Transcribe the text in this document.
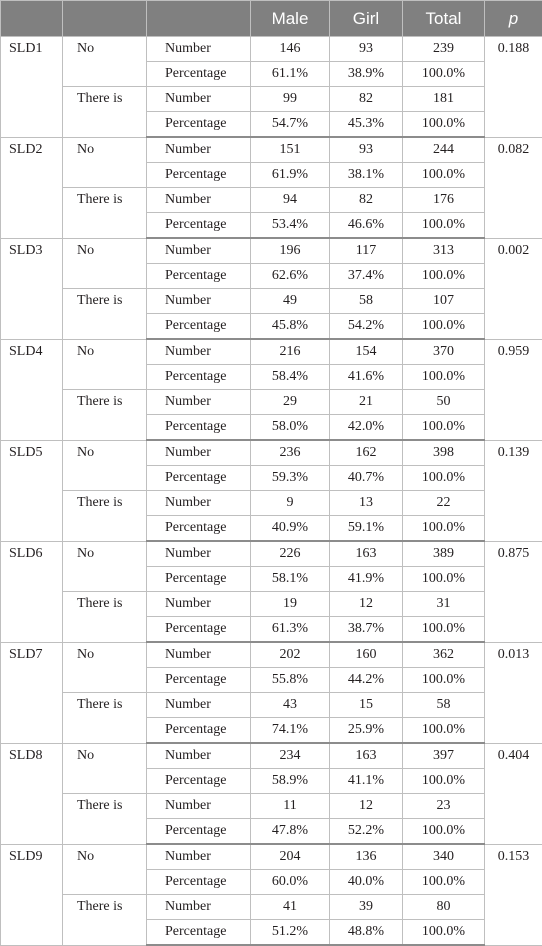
			Male	Girl	Total	p
SLD1	No	Number	146	93	239	0.188
		Percentage	61.1%	38.9%	100.0%	
	There is	Number	99	82	181	
		Percentage	54.7%	45.3%	100.0%	
SLD2	No	Number	151	93	244	0.082
		Percentage	61.9%	38.1%	100.0%	
	There is	Number	94	82	176	
		Percentage	53.4%	46.6%	100.0%	
SLD3	No	Number	196	117	313	0.002
		Percentage	62.6%	37.4%	100.0%	
	There is	Number	49	58	107	
		Percentage	45.8%	54.2%	100.0%	
SLD4	No	Number	216	154	370	0.959
		Percentage	58.4%	41.6%	100.0%	
	There is	Number	29	21	50	
		Percentage	58.0%	42.0%	100.0%	
SLD5	No	Number	236	162	398	0.139
		Percentage	59.3%	40.7%	100.0%	
	There is	Number	9	13	22	
		Percentage	40.9%	59.1%	100.0%	
SLD6	No	Number	226	163	389	0.875
		Percentage	58.1%	41.9%	100.0%	
	There is	Number	19	12	31	
		Percentage	61.3%	38.7%	100.0%	
SLD7	No	Number	202	160	362	0.013
		Percentage	55.8%	44.2%	100.0%	
	There is	Number	43	15	58	
		Percentage	74.1%	25.9%	100.0%	
SLD8	No	Number	234	163	397	0.404
		Percentage	58.9%	41.1%	100.0%	
	There is	Number	11	12	23	
		Percentage	47.8%	52.2%	100.0%	
SLD9	No	Number	204	136	340	0.153
		Percentage	60.0%	40.0%	100.0%	
	There is	Number	41	39	80	
		Percentage	51.2%	48.8%	100.0%	
